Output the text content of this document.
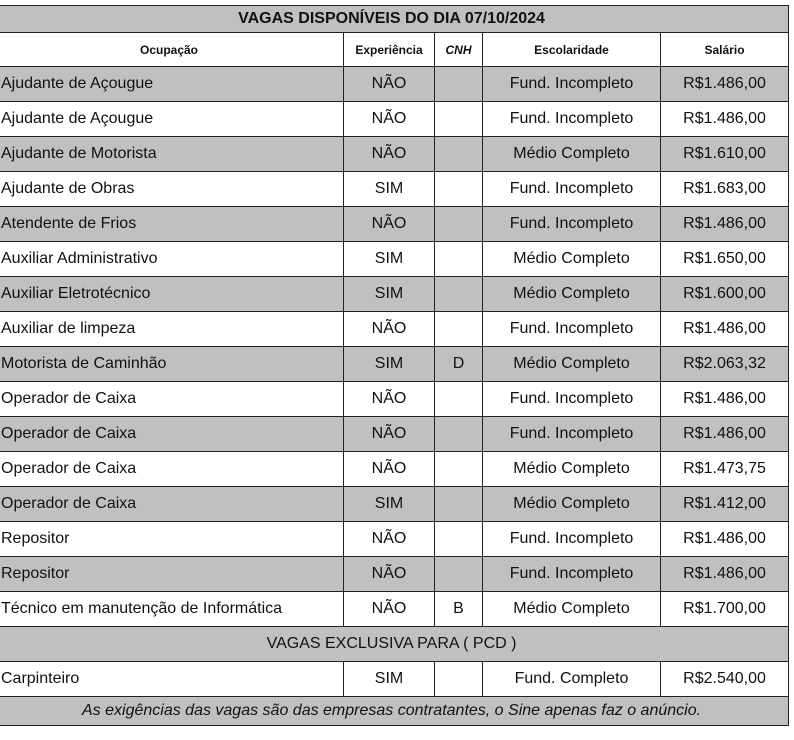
VAGAS DISPONÍVEIS DO DIA 07/10/2024				
Ocupação	Experiência	CNH	Escolaridade	Salário
Ajudante de Açougue	NÃO		Fund. Incompleto	R$1.486,00
Ajudante de Açougue	NÃO		Fund. Incompleto	R$1.486,00
Ajudante de Motorista	NÃO		Médio Completo	R$1.610,00
Ajudante de Obras	SIM		Fund. Incompleto	R$1.683,00
Atendente de Frios	NÃO		Fund. Incompleto	R$1.486,00
Auxiliar Administrativo	SIM		Médio Completo	R$1.650,00
Auxiliar Eletrotécnico	SIM		Médio Completo	R$1.600,00
Auxiliar de limpeza	NÃO		Fund. Incompleto	R$1.486,00
Motorista de Caminhão	SIM	D	Médio Completo	R$2.063,32
Operador de Caixa	NÃO		Fund. Incompleto	R$1.486,00
Operador de Caixa	NÃO		Fund. Incompleto	R$1.486,00
Operador de Caixa	NÃO		Médio Completo	R$1.473,75
Operador de Caixa	SIM		Médio Completo	R$1.412,00
Repositor	NÃO		Fund. Incompleto	R$1.486,00
Repositor	NÃO		Fund. Incompleto	R$1.486,00
Técnico em manutenção de Informática	NÃO	B	Médio Completo	R$1.700,00
VAGAS EXCLUSIVA PARA ( PCD )				
Carpinteiro	SIM		Fund. Completo	R$2.540,00
As exigências das vagas são das empresas contratantes, o Sine apenas faz o anúncio.				
